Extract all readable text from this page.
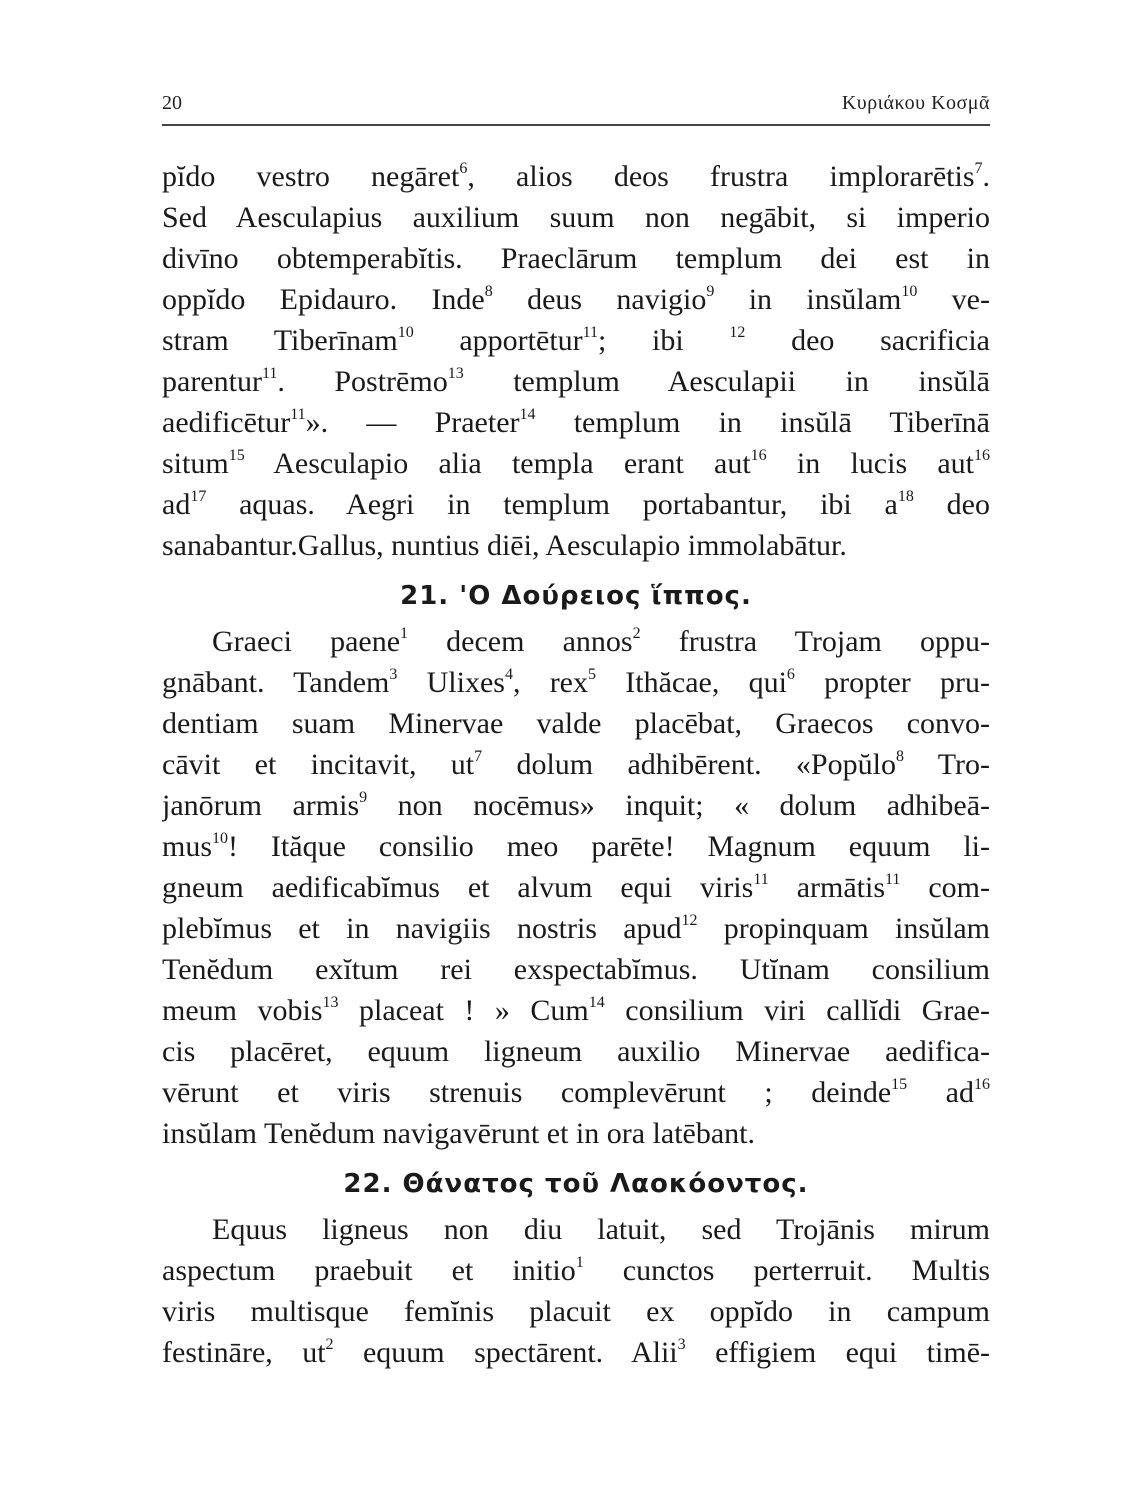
20	Κυριάκου Κοσμᾶ
pĭdo vestro negāret$^6$, alios deos frustra implorarētis$^7$.
Sed Aesculapius auxilium suum non negābit, si imperio
divīno obtemperabĭtis. Praeclārum templum dei est in
oppĭdo Epidauro. Inde$^8$ deus navigio$^9$ in insŭlam$^{10}$ ve-
stram Tiberīnam$^{10}$ apportētur$^{11}$; ibi $^{12}$ deo sacrificia
parentur$^{11}$. Postrēmo$^{13}$ templum Aesculapii in insŭlā
aedificētur$^{11}$». — Praeter$^{14}$ templum in insŭlā Tiberīnā
situm$^{15}$ Aesculapio alia templa erant aut$^{16}$ in lucis aut$^{16}$
$ad^{17}$ aquas. Aegri in templum portabantur, ibi $a^{18}$ deo
sanabantur.Gallus, nuntius diēi, Aesculapio immolabātur.
21. 'Ο Δούρειος ἵππος.
Graeci paene$^1$ decem annos$^2$ frustra Trojam oppu-
gnābant. Tandem$^3$ Ulixes$^4$, rex$^5$ Ithăcae, qui$^6$ propter pru-
dentiam suam Minervae valde placēbat, Graecos convo-
cāvit et incitavit, $ut^7$ dolum adhibērent. «Popŭlo$^8$ Tro-
janōrum armis$^9$ non nocēmus» inquit; « dolum adhibeā-
mus$^{10}$! Ităque consilio meo parēte! Magnum equum li-
gneum aedificabĭmus et alvum equi viris$^{11}$ armātis$^{11}$ com-
plebĭmus et in navigiis nostris apud$^{12}$ propinquam insŭlam
Tenĕdum exĭtum rei exspectabĭmus. Utĭnam consilium
meum vobis$^{13}$ placeat ! » Cum$^{14}$ consilium viri callĭdi Grae-
cis placēret, equum ligneum auxilio Minervae aedifica-
vērunt et viris strenuis complevērunt ; deinde$^{15}$ $ad^{16}$
insŭlam Tenĕdum navigavērunt et in ora latēbant.
22. Θάνατος τοῦ Λαοκόοντος.
Equus ligneus non diu latuit, sed Trojānis mirum
aspectum praebuit et initio$^1$ cunctos perterruit. Multis
viris multisque femĭnis placuit ex oppĭdo in campum
festināre, $ut^2$ equum spectārent. Alii$^3$ effigiem equi timē-
